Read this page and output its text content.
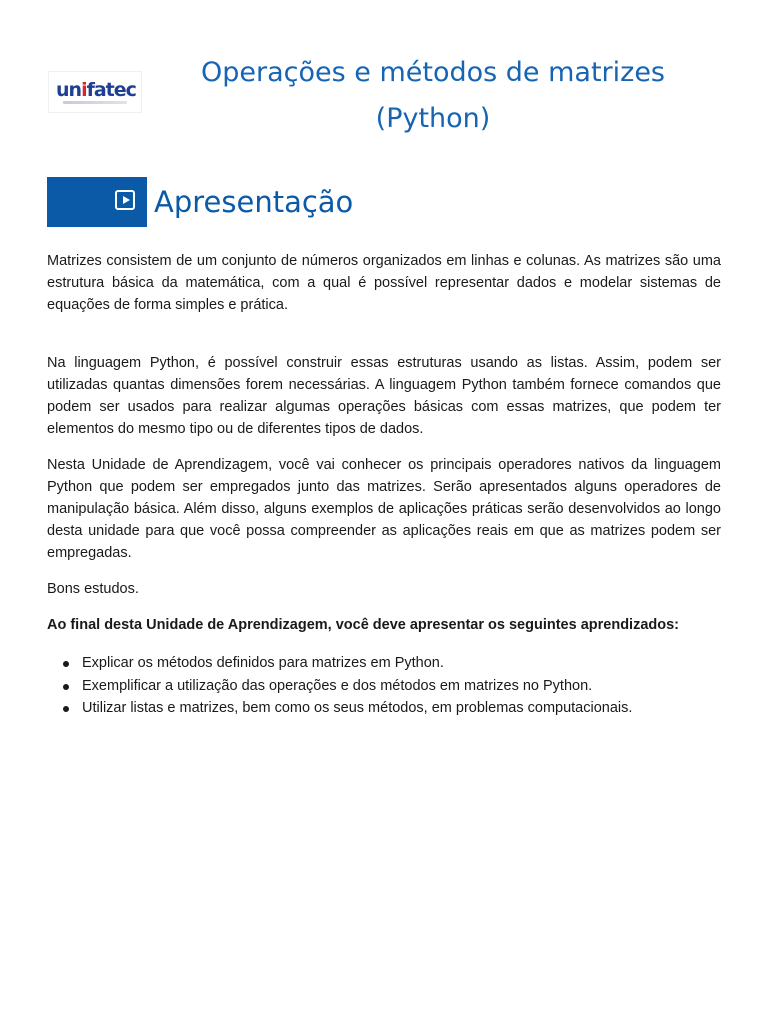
unifatec
Operações e métodos de matrizes (Python)
Apresentação

Matrizes consistem de um conjunto de números organizados em linhas e colunas. As matrizes são uma estrutura básica da matemática, com a qual é possível representar dados e modelar sistemas de equações de forma simples e prática.

Na linguagem Python, é possível construir essas estruturas usando as listas. Assim, podem ser utilizadas quantas dimensões forem necessárias. A linguagem Python também fornece comandos que podem ser usados para realizar algumas operações básicas com essas matrizes, que podem ter elementos do mesmo tipo ou de diferentes tipos de dados.

Nesta Unidade de Aprendizagem, você vai conhecer os principais operadores nativos da linguagem Python que podem ser empregados junto das matrizes. Serão apresentados alguns operadores de manipulação básica. Além disso, alguns exemplos de aplicações práticas serão desenvolvidos ao longo desta unidade para que você possa compreender as aplicações reais em que as matrizes podem ser empregadas.

Bons estudos.

Ao final desta Unidade de Aprendizagem, você deve apresentar os seguintes aprendizados:

Explicar os métodos definidos para matrizes em Python.
Exemplificar a utilização das operações e dos métodos em matrizes no Python.
Utilizar listas e matrizes, bem como os seus métodos, em problemas computacionais.
